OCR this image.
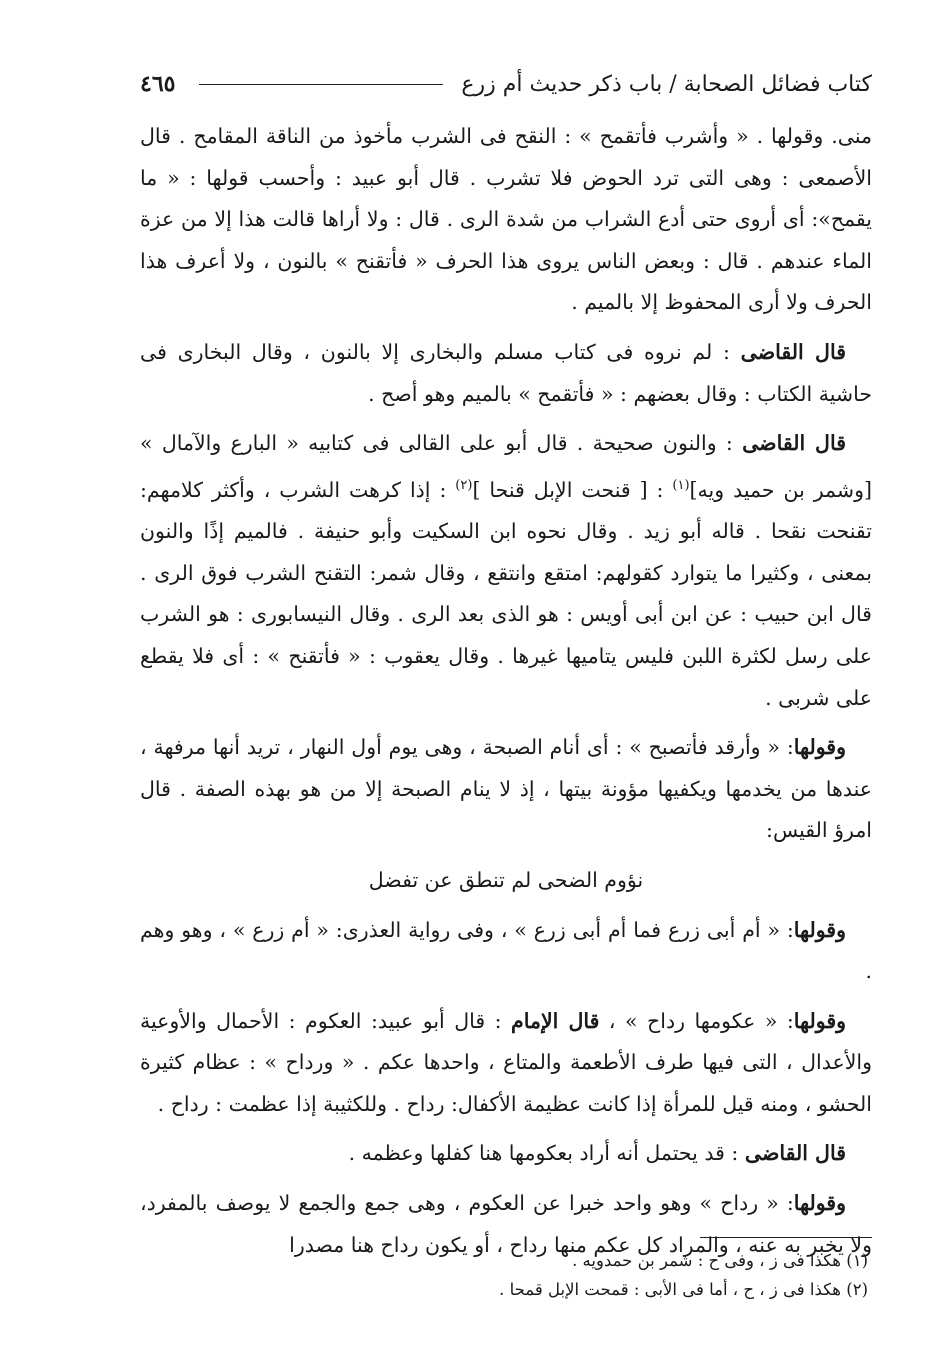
كتاب فضائل الصحابة / باب ذكر حديث أم زرع
٤٦٥

منى. وقولها . « وأشرب فأتقمح » : النقح فى الشرب مأخوذ من الناقة المقامح . قال الأصمعى : وهى التى ترد الحوض فلا تشرب . قال أبو عبيد : وأحسب قولها : « ما يقمح»: أى أروى حتى أدع الشراب من شدة الرى . قال : ولا أراها قالت هذا إلا من عزة الماء عندهم . قال : وبعض الناس يروى هذا الحرف « فأتقنح » بالنون ، ولا أعرف هذا الحرف ولا أرى المحفوظ إلا بالميم .

قال القاضى : لم نروه فى كتاب مسلم والبخارى إلا بالنون ، وقال البخارى فى حاشية الكتاب : وقال بعضهم : « فأتقمح » بالميم وهو أصح .

قال القاضى : والنون صحيحة . قال أبو على القالى فى كتابيه « البارع والآمال » [وشمر بن حميد ويه]$^{(١)}$ : [ قنحت الإبل قنحا ]$^{(٢)}$ : إذا كرهت الشرب ، وأكثر كلامهم: تقنحت نقحا . قاله أبو زيد . وقال نحوه ابن السكيت وأبو حنيفة . فالميم إذًا والنون بمعنى ، وكثيرا ما يتوارد كقولهم: امتقع وانتقع ، وقال شمر: التقنح الشرب فوق الرى . قال ابن حبيب : عن ابن أبى أويس : هو الذى بعد الرى . وقال النيسابورى : هو الشرب على رسل لكثرة اللبن فليس يتاميها غيرها . وقال يعقوب : « فأتقنح » : أى فلا يقطع على شربى .

وقولها: « وأرقد فأتصبح » : أى أنام الصبحة ، وهى يوم أول النهار ، تريد أنها مرفهة ، عندها من يخدمها ويكفيها مؤونة بيتها ، إذ لا ينام الصبحة إلا من هو بهذه الصفة . قال امرؤ القيس:

نؤوم الضحى لم تنطق عن تفضل

وقولها: « أم أبى زرع فما أم أبى زرع » ، وفى رواية العذرى: « أم زرع » ، وهو وهم .

وقولها: « عكومها رداح » ، قال الإمام : قال أبو عبيد: العكوم : الأحمال والأوعية والأعدال ، التى فيها طرف الأطعمة والمتاع ، واحدها عكم . « ورداح » : عظام كثيرة الحشو ، ومنه قيل للمرأة إذا كانت عظيمة الأكفال: رداح . وللكثيبة إذا عظمت : رداح .

قال القاضى : قد يحتمل أنه أراد بعكومها هنا كفلها وعظمه .

وقولها: « رداح » وهو واحد خبرا عن العكوم ، وهى جمع والجمع لا يوصف بالمفرد، ولا يخبر به عنه ، والمراد كل عكم منها رداح ، أو يكون رداح هنا مصدرا

(١) هكذا فى ز ، وفى ح : شمر بن حمدويه .
(٢) هكذا فى ز ، ح ، أما فى الأبى : قمحت الإبل قمحا .
